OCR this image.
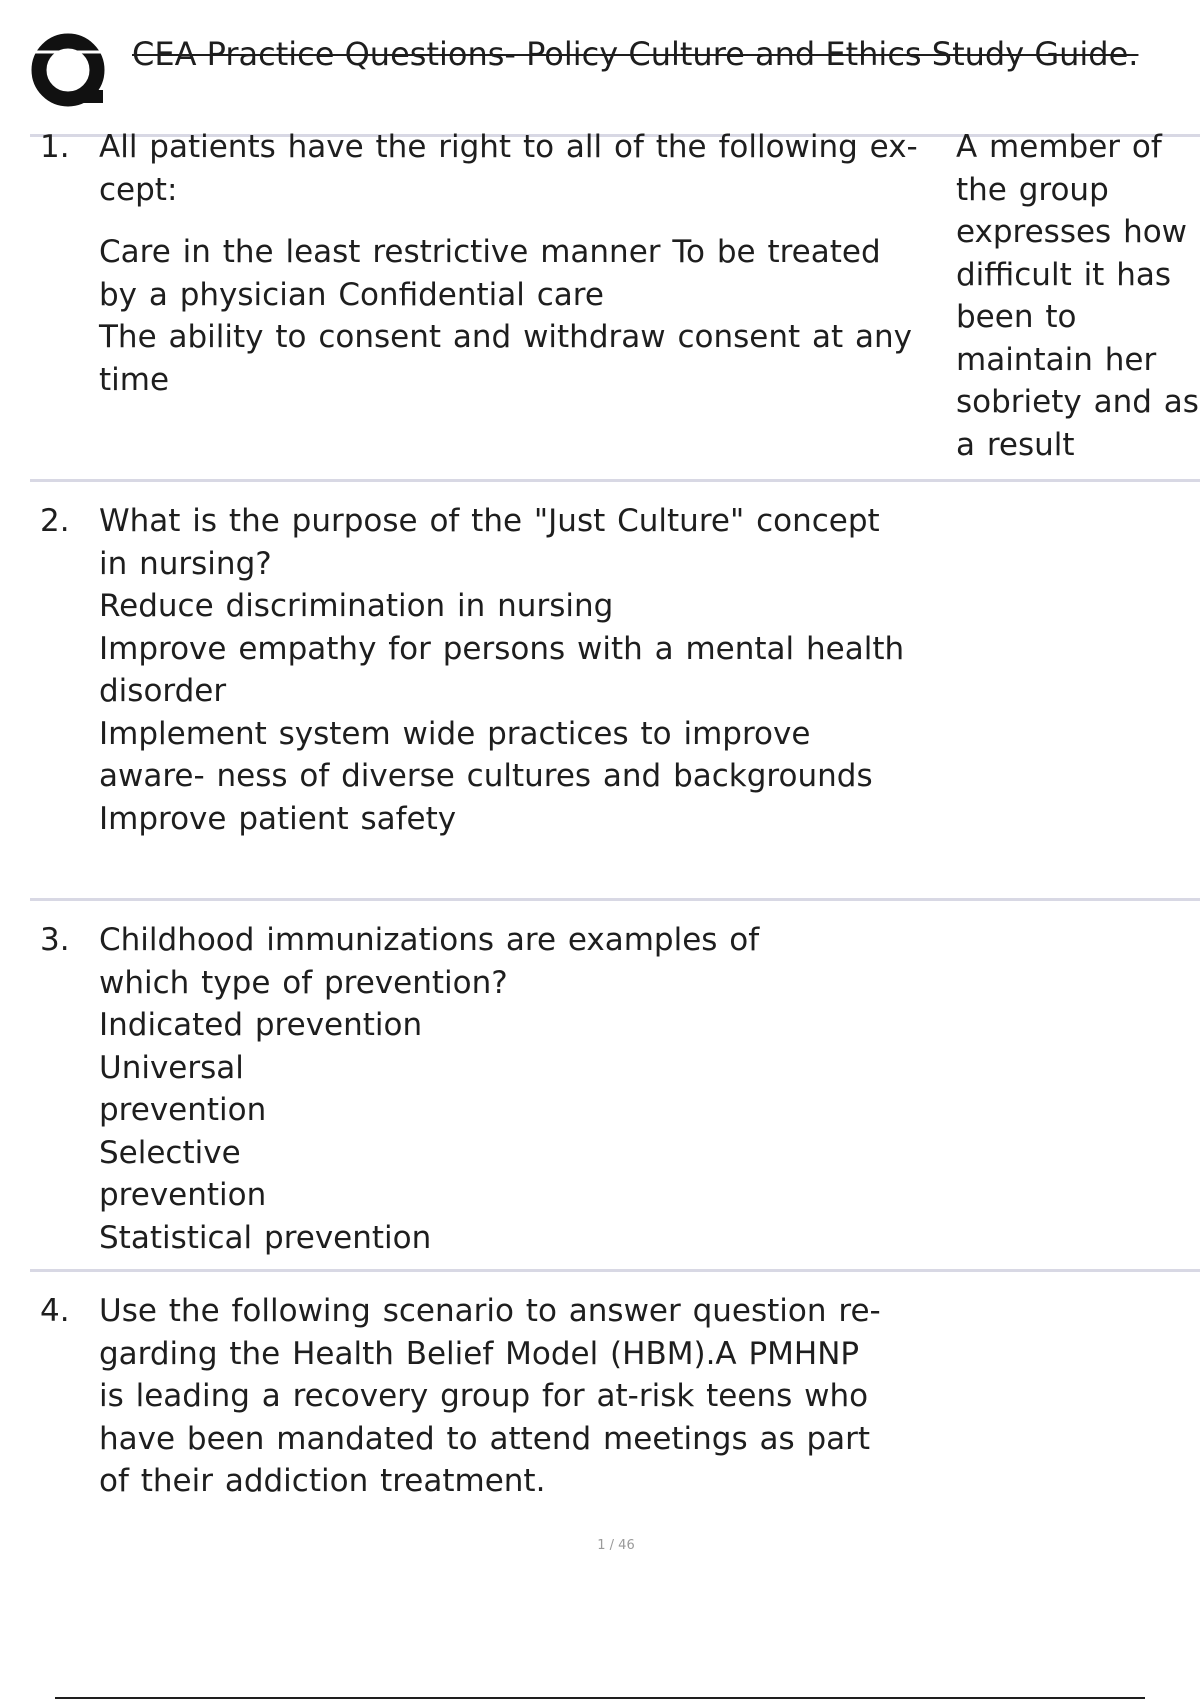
CEA Practice Questions- Policy Culture and Ethics Study Guide.
1. All patients have the right to all of the following ex- cept:

Care in the least restrictive manner To be treated by a physician Confidential care

The ability to consent and withdraw consent at any time

A member of the group expresses how difficult it has been to maintain her sobriety and as a result
2. What is the purpose of the "Just Culture" concept in nursing?

Reduce discrimination in nursing

Improve empathy for persons with a mental health disorder

Implement system wide practices to improve aware- ness of diverse cultures and backgrounds

Improve patient safety

3. Childhood immunizations are examples of which type of prevention?

Indicated prevention

Universal prevention

Selective prevention

Statistical prevention

4. Use the following scenario to answer question re- garding the Health Belief Model (HBM).A PMHNP is leading a recovery group for at-risk teens who have been mandated to attend meetings as part of their addiction treatment.

1 / 46
